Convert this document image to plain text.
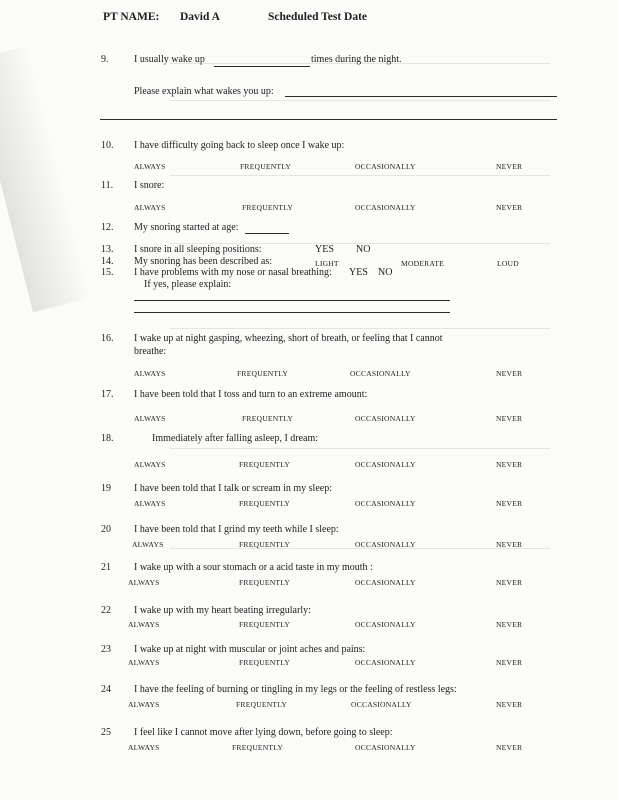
PT NAME: David A	Scheduled Test Date
9.	I usually wake up	times during the night.
Please explain what wakes you up:
10. I have difficulty going back to sleep once I wake up:
ALWAYS	FREQUENTLY	OCCASIONALLY	NEVER
11. I snore:
ALWAYS	FREQUENTLY	OCCASIONALLY	NEVER
12. My snoring started at age:
13. I snore in all sleeping positions:	YES NO
14. My snoring has been described as:	LIGHT	MODERATE	LOUD
15. I have problems with my nose or nasal breathing: YES NO
If yes, please explain:
16. I wake up at night gasping, wheezing, short of breath, or feeling that I cannot
breathe:
ALWAYS	FREQUENTLY	OCCASIONALLY	NEVER
17. I have been told that I toss and turn to an extreme amount:
ALWAYS	FREQUENTLY	OCCASIONALLY	NEVER
18.	Immediately after falling asleep, I dream:
ALWAYS	FREQUENTLY	OCCASIONALLY	NEVER
19 I have been told that I talk or scream in my sleep:
ALWAYS	FREQUENTLY	OCCASIONALLY	NEVER
20 I have been told that I grind my teeth while I sleep:
ALWAYS	FREQUENTLY	OCCASIONALLY	NEVER
21 I wake up with a sour stomach or a acid taste in my mouth :
ALWAYS	FREQUENTLY	OCCASIONALLY	NEVER
22 I wake up with my heart beating irregularly:
ALWAYS	FREQUENTLY	OCCASIONALLY	NEVER
23 I wake up at night with muscular or joint aches and pains:
ALWAYS	FREQUENTLY	OCCASIONALLY	NEVER
24 I have the feeling of burning or tingling in my legs or the feeling of restless legs:
ALWAYS	FREQUENTLY	OCCASIONALLY	NEVER
25 I feel like I cannot move after lying down, before going to sleep:
ALWAYS	FREQUENTLY	OCCASIONALLY	NEVER
